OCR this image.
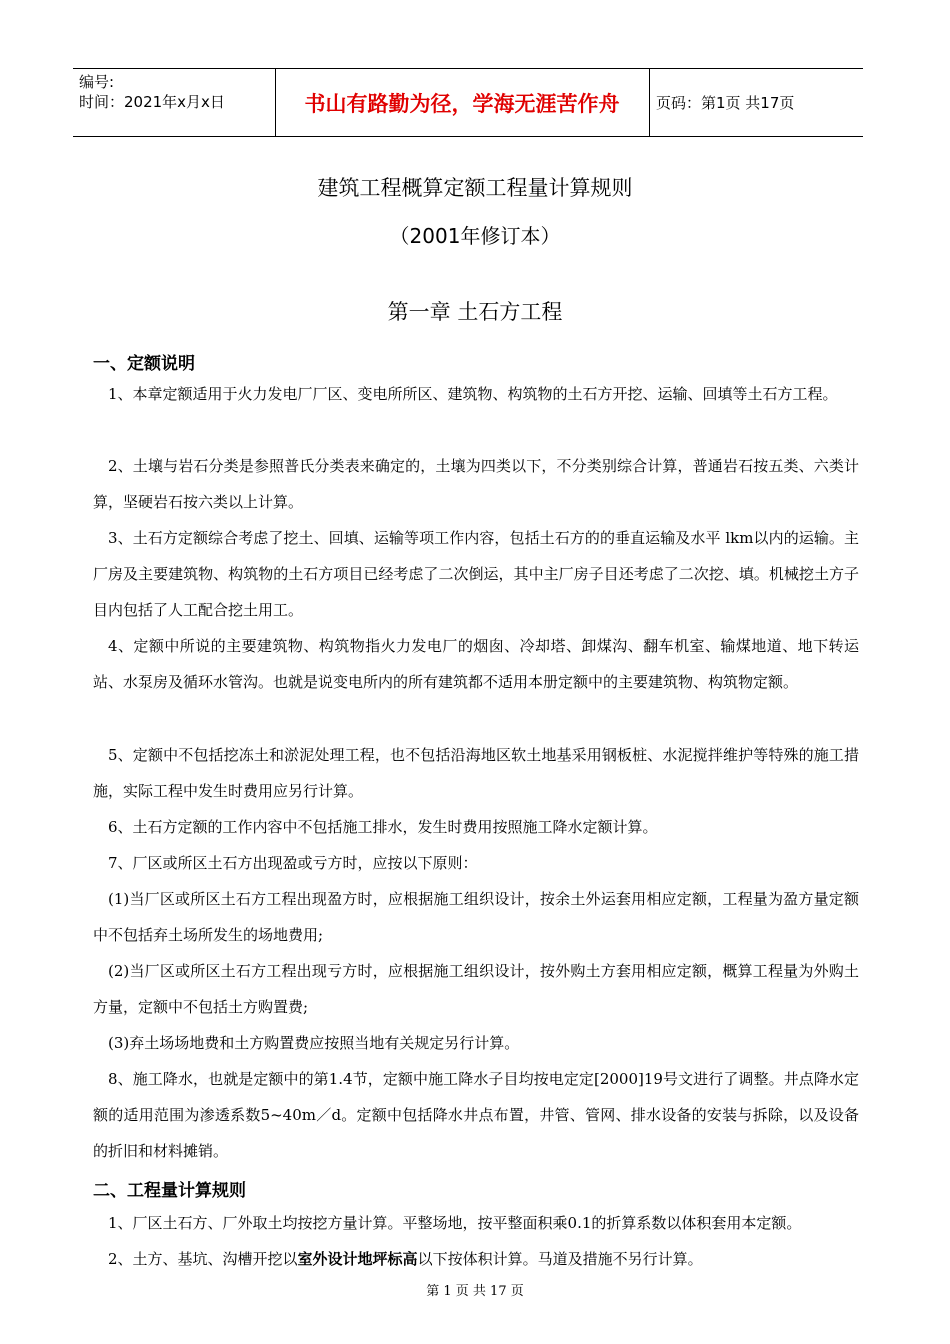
编号:
时间：2021年x月x日	书山有路勤为径，学海无涯苦作舟	页码：第1页 共17页
建筑工程概算定额工程量计算规则
（2001年修订本）
第一章 土石方工程
一、定额说明

1、本章定额适用于火力发电厂厂区、变电所所区、建筑物、构筑物的土石方开挖、运输、回填等土石方工程。

2、土壤与岩石分类是参照普氏分类表来确定的，土壤为四类以下，不分类别综合计算，普通岩石按五类、六类计算，坚硬岩石按六类以上计算。

3、土石方定额综合考虑了挖土、回填、运输等项工作内容，包括土石方的的垂直运输及水平 lkm以内的运输。主厂房及主要建筑物、构筑物的土石方项目已经考虑了二次倒运，其中主厂房子目还考虑了二次挖、填。机械挖土方子目内包括了人工配合挖土用工。

4、定额中所说的主要建筑物、构筑物指火力发电厂的烟囱、冷却塔、卸煤沟、翻车机室、输煤地道、地下转运站、水泵房及循环水管沟。也就是说变电所内的所有建筑都不适用本册定额中的主要建筑物、构筑物定额。

5、定额中不包括挖冻土和淤泥处理工程，也不包括沿海地区软土地基采用钢板桩、水泥搅拌维护等特殊的施工措施，实际工程中发生时费用应另行计算。

6、土石方定额的工作内容中不包括施工排水，发生时费用按照施工降水定额计算。

7、厂区或所区土石方出现盈或亏方时，应按以下原则：

(1)当厂区或所区土石方工程出现盈方时，应根据施工组织设计，按余土外运套用相应定额，工程量为盈方量定额中不包括弃土场所发生的场地费用;

(2)当厂区或所区土石方工程出现亏方时，应根据施工组织设计，按外购土方套用相应定额，概算工程量为外购土方量，定额中不包括土方购置费;

(3)弃土场场地费和土方购置费应按照当地有关规定另行计算。

8、施工降水，也就是定额中的第1.4节，定额中施工降水子目均按电定定[2000]19号文进行了调整。井点降水定额的适用范围为渗透系数5~40m／d。定额中包括降水井点布置，井管、管网、排水设备的安装与拆除，以及设备的折旧和材料摊销。

二、工程量计算规则

1、厂区土石方、厂外取土均按挖方量计算。平整场地，按平整面积乘0.1的折算系数以体积套用本定额。

2、土方、基坑、沟槽开挖以室外设计地坪标高以下按体积计算。马道及措施不另行计算。

第 1 页 共 17 页
